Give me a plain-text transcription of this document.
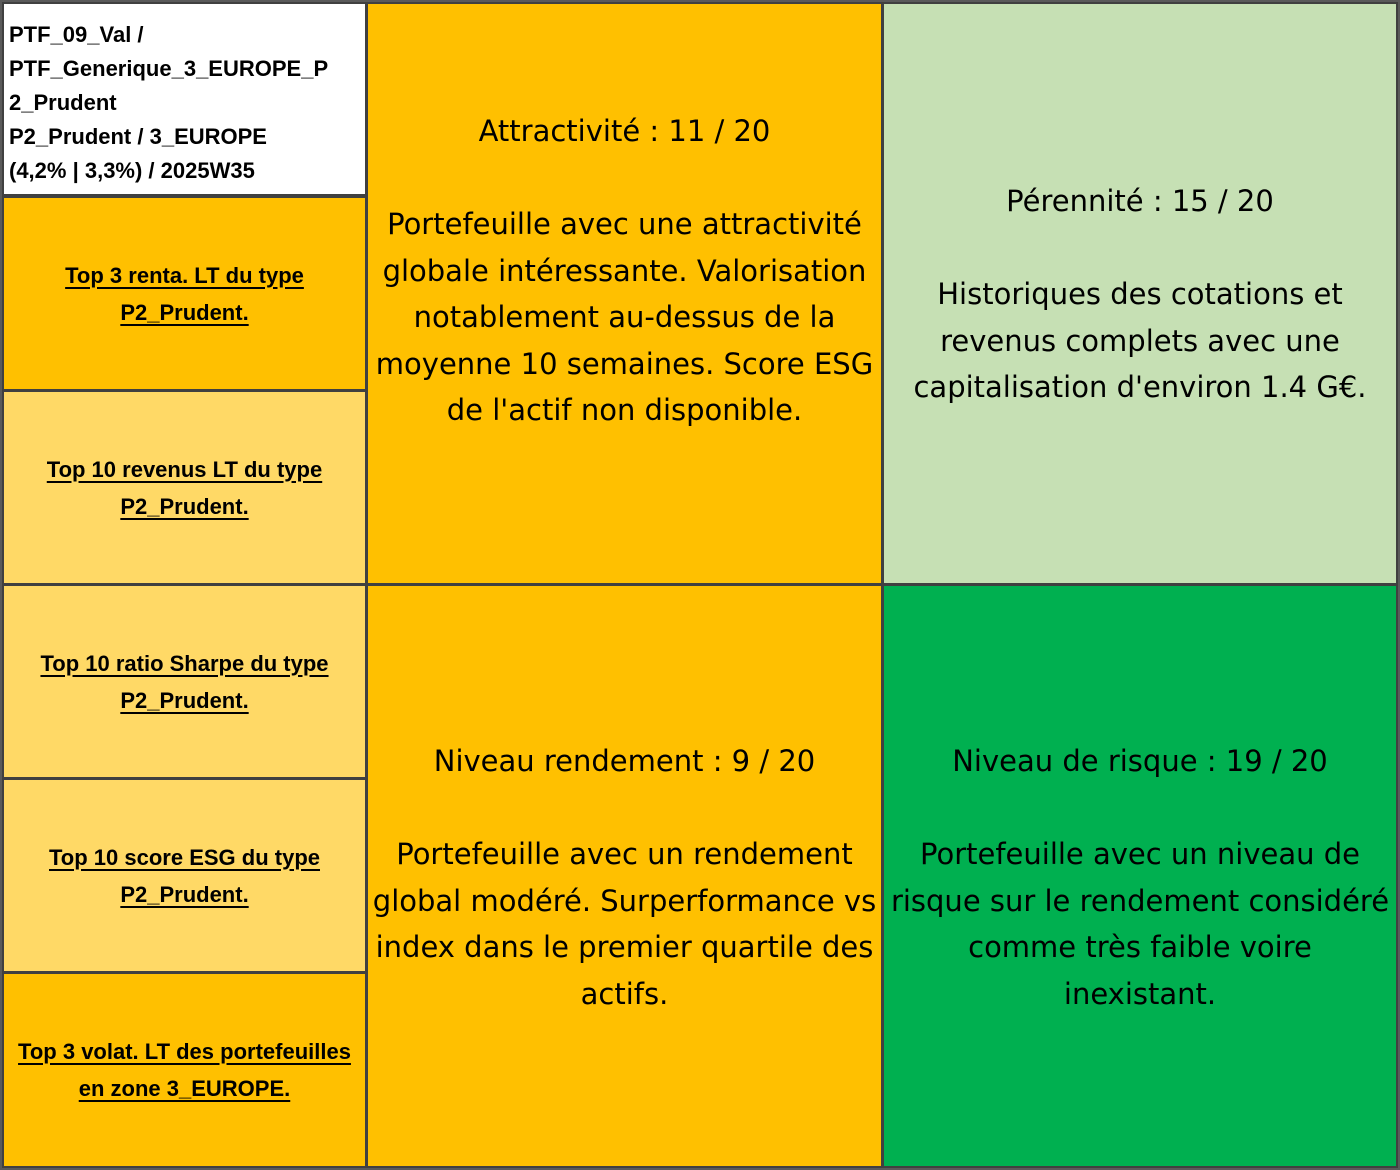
PTF_09_Val /
PTF_Generique_3_EUROPE_P
2_Prudent
P2_Prudent / 3_EUROPE
(4,2% | 3,3%) / 2025W35
Top 3 renta. LT du type P2_Prudent.
Top 10 revenus LT du type P2_Prudent.
Top 10 ratio Sharpe du type P2_Prudent.
Top 10 score ESG du type P2_Prudent.
Top 3 volat. LT des portefeuilles en zone 3_EUROPE.
Attractivité : 11 / 20
Portefeuille avec une attractivité globale intéressante. Valorisation notablement au-dessus de la moyenne 10 semaines. Score ESG de l'actif non disponible.
Pérennité : 15 / 20
Historiques des cotations et revenus complets avec une capitalisation d'environ 1.4 G€.
Niveau rendement : 9 / 20
Portefeuille avec un rendement global modéré. Surperformance vs index dans le premier quartile des actifs.
Niveau de risque : 19 / 20
Portefeuille avec un niveau de risque sur le rendement considéré comme très faible voire inexistant.
